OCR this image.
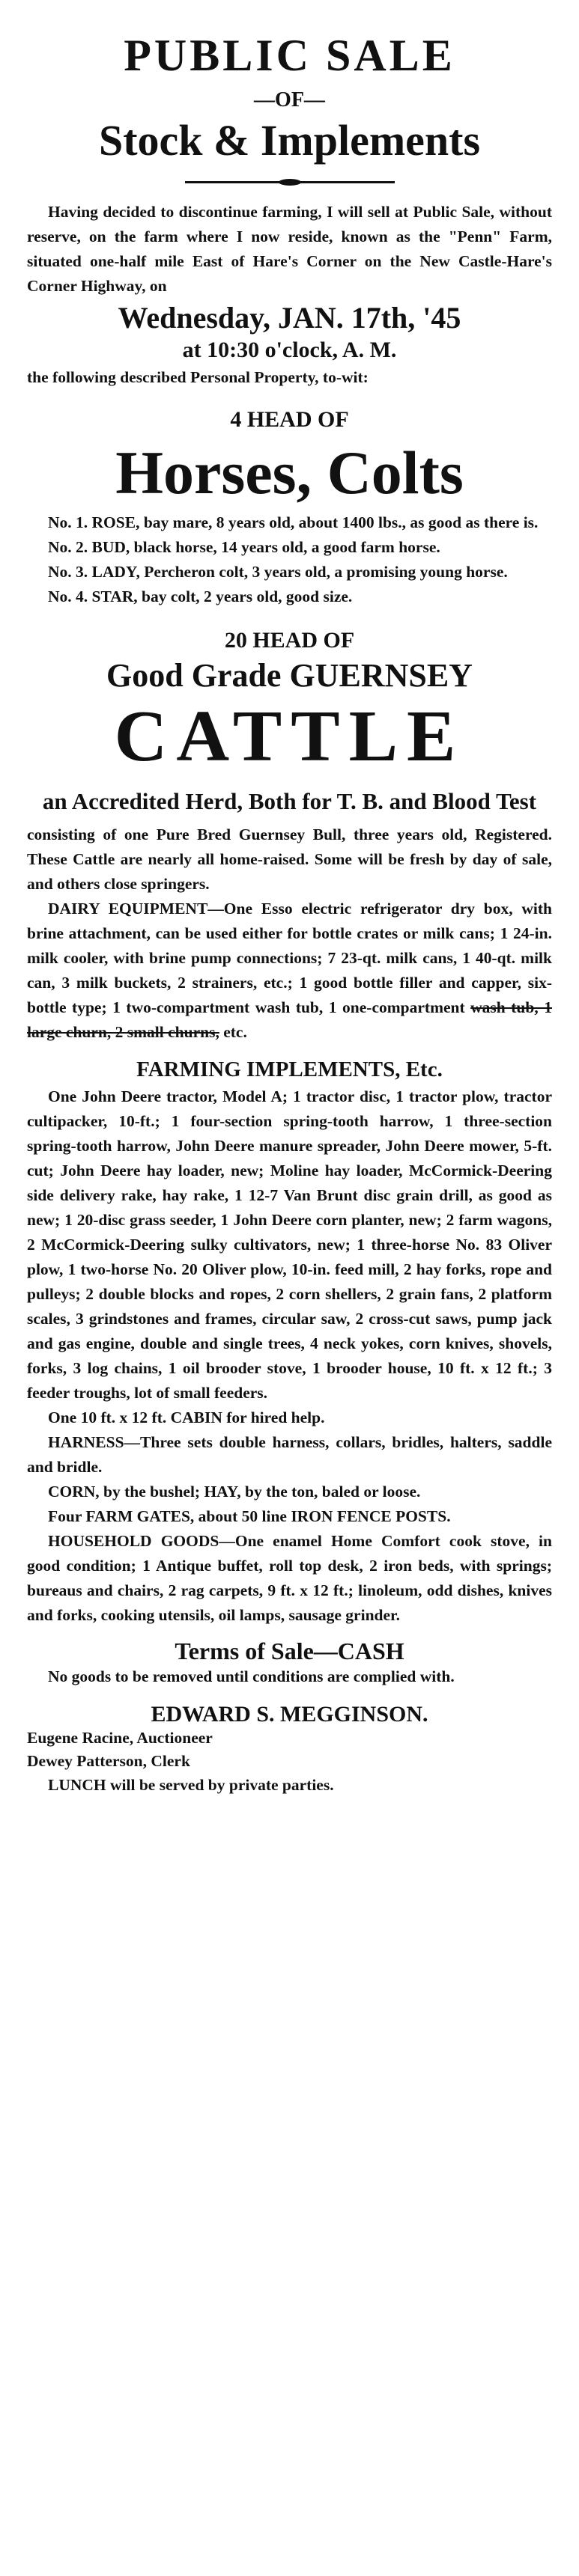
PUBLIC SALE
—OF—
Stock & Implements

Having decided to discontinue farming, I will sell at Public Sale, without reserve, on the farm where I now reside, known as the "Penn" Farm, situated one-half mile East of Hare's Corner on the New Castle-Hare's Corner Highway, on

Wednesday, JAN. 17th, '45
at 10:30 o'clock, A. M.

the following described Personal Property, to-wit:

4 HEAD OF
Horses, Colts

No. 1. ROSE, bay mare, 8 years old, about 1400 lbs., as good as there is.

No. 2. BUD, black horse, 14 years old, a good farm horse.

No. 3. LADY, Percheron colt, 3 years old, a promising young horse.

No. 4. STAR, bay colt, 2 years old, good size.

20 HEAD OF
Good Grade GUERNSEY
CATTLE
an Accredited Herd, Both for T. B. and Blood Test

consisting of one Pure Bred Guernsey Bull, three years old, Registered. These Cattle are nearly all home-raised. Some will be fresh by day of sale, and others close springers.

DAIRY EQUIPMENT—One Esso electric refrigerator dry box, with brine attachment, can be used either for bottle crates or milk cans; 1 24-in. milk cooler, with brine pump connections; 7 23-qt. milk cans, 1 40-qt. milk can, 3 milk buckets, 2 strainers, etc.; 1 good bottle filler and capper, six-bottle type; 1 two-compartment wash tub, 1 one-compartment wash tub, 1 large churn, 2 small churns, etc.

FARMING IMPLEMENTS, Etc.

One John Deere tractor, Model A; 1 tractor disc, 1 tractor plow, tractor cultipacker, 10-ft.; 1 four-section spring-tooth harrow, 1 three-section spring-tooth harrow, John Deere manure spreader, John Deere mower, 5-ft. cut; John Deere hay loader, new; Moline hay loader, McCormick-Deering side delivery rake, hay rake, 1 12-7 Van Brunt disc grain drill, as good as new; 1 20-disc grass seeder, 1 John Deere corn planter, new; 2 farm wagons, 2 McCormick-Deering sulky cultivators, new; 1 three-horse No. 83 Oliver plow, 1 two-horse No. 20 Oliver plow, 10-in. feed mill, 2 hay forks, rope and pulleys; 2 double blocks and ropes, 2 corn shellers, 2 grain fans, 2 platform scales, 3 grindstones and frames, circular saw, 2 cross-cut saws, pump jack and gas engine, double and single trees, 4 neck yokes, corn knives, shovels, forks, 3 log chains, 1 oil brooder stove, 1 brooder house, 10 ft. x 12 ft.; 3 feeder troughs, lot of small feeders.

One 10 ft. x 12 ft. CABIN for hired help.

HARNESS—Three sets double harness, collars, bridles, halters, saddle and bridle.

CORN, by the bushel; HAY, by the ton, baled or loose.

Four FARM GATES, about 50 line IRON FENCE POSTS.

HOUSEHOLD GOODS—One enamel Home Comfort cook stove, in good condition; 1 Antique buffet, roll top desk, 2 iron beds, with springs; bureaus and chairs, 2 rag carpets, 9 ft. x 12 ft.; linoleum, odd dishes, knives and forks, cooking utensils, oil lamps, sausage grinder.

Terms of Sale—CASH

No goods to be removed until conditions are complied with.

EDWARD S. MEGGINSON.

Eugene Racine, Auctioneer

Dewey Patterson, Clerk

LUNCH will be served by private parties.
